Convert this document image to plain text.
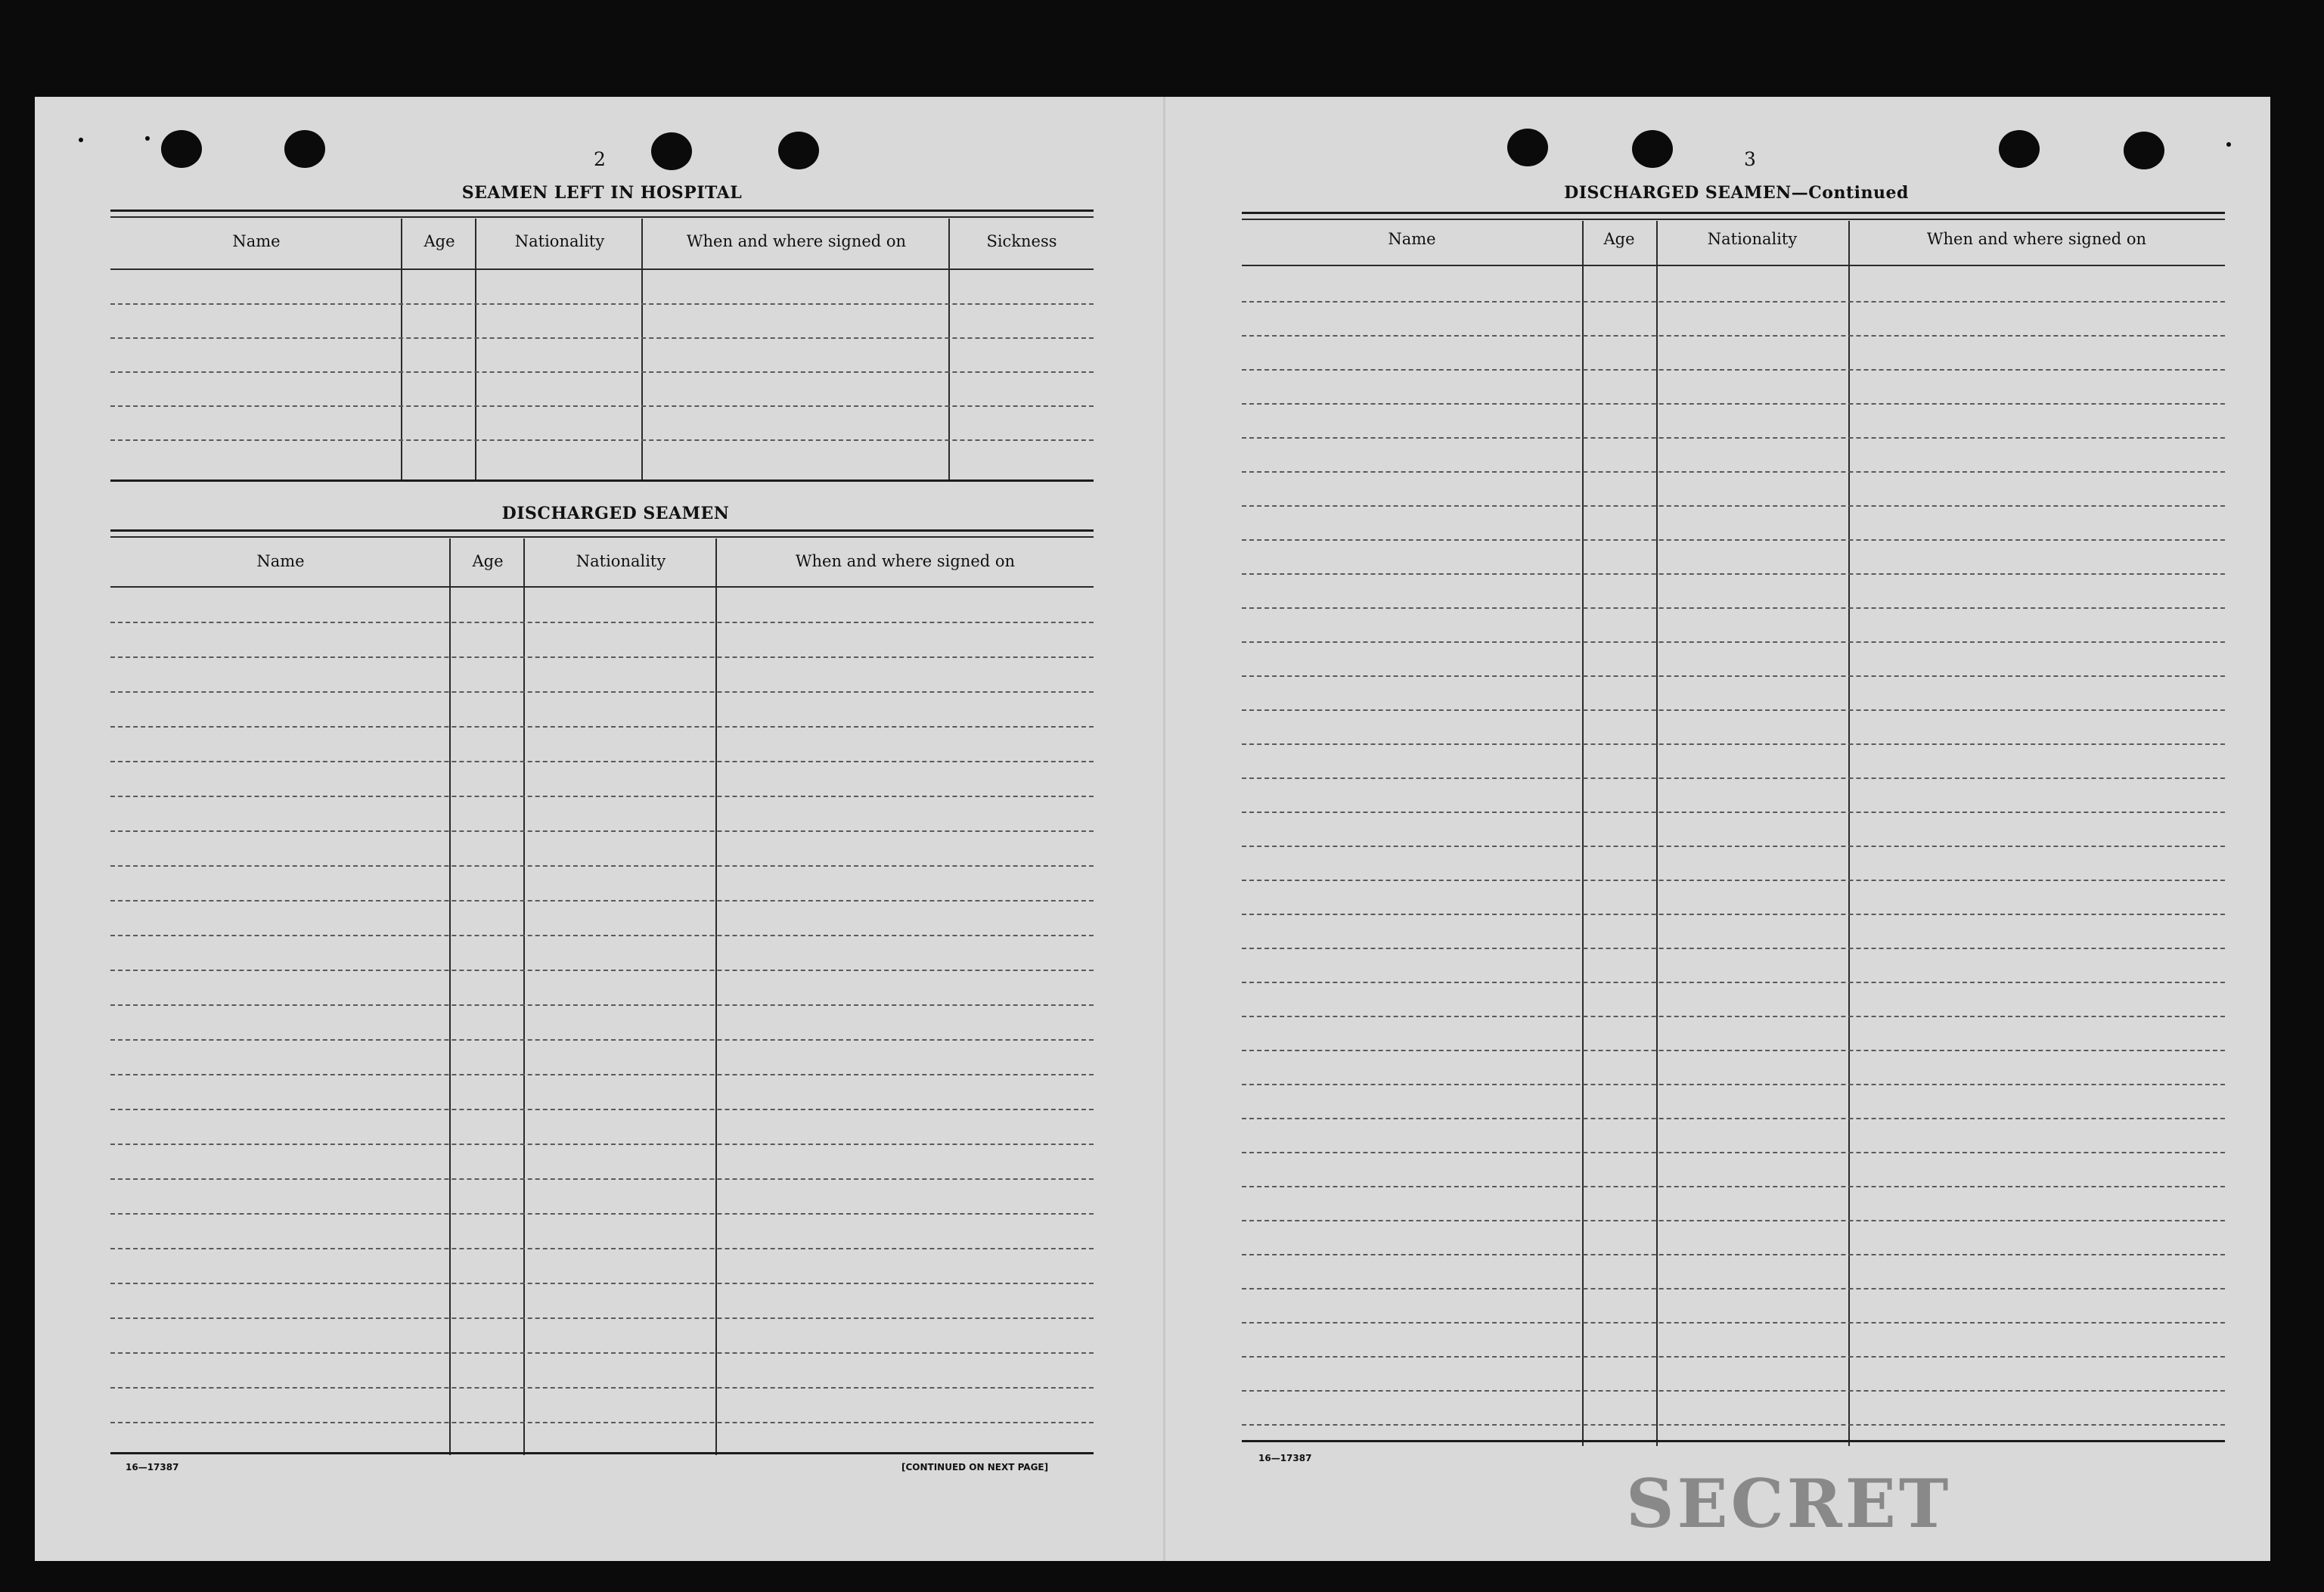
2
SEAMEN LEFT IN HOSPITAL
Name	Age	Nationality	When and where signed on	Sickness
DISCHARGED SEAMEN
Name	Age	Nationality	When and where signed on
16—17387	[CONTINUED ON NEXT PAGE]
3
DISCHARGED SEAMEN—Continued
Name	Age	Nationality	When and where signed on
16—17387
SECRET
